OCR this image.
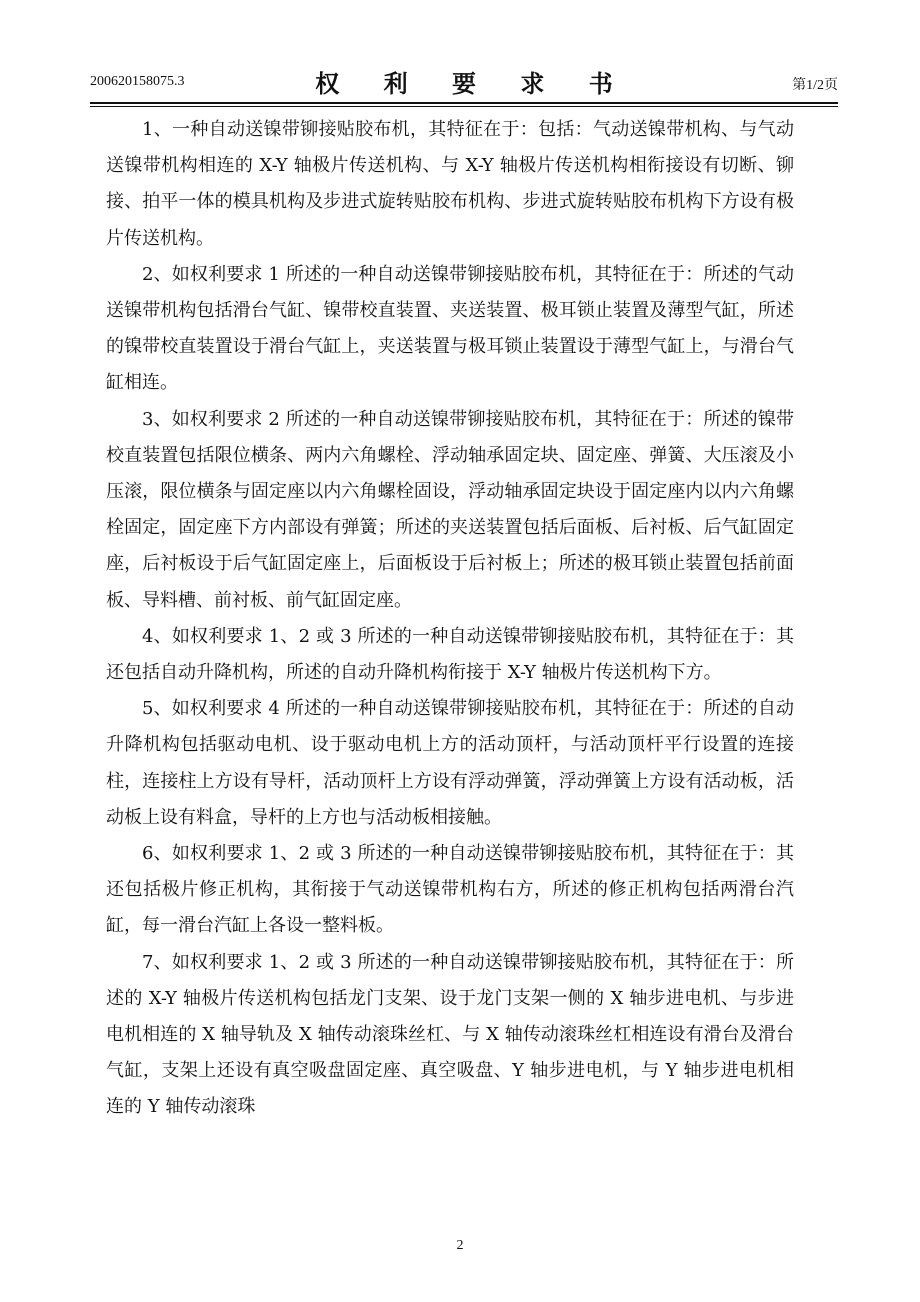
200620158075.3	权 利 要 求 书	第1/2页

1、一种自动送镍带铆接贴胶布机，其特征在于：包括：气动送镍带机构、与气动送镍带机构相连的 X-Y 轴极片传送机构、与 X-Y 轴极片传送机构相衔接设有切断、铆接、拍平一体的模具机构及步进式旋转贴胶布机构、步进式旋转贴胶布机构下方设有极片传送机构。

2、如权利要求 1 所述的一种自动送镍带铆接贴胶布机，其特征在于：所述的气动送镍带机构包括滑台气缸、镍带校直装置、夹送装置、极耳锁止装置及薄型气缸，所述的镍带校直装置设于滑台气缸上，夹送装置与极耳锁止装置设于薄型气缸上，与滑台气缸相连。

3、如权利要求 2 所述的一种自动送镍带铆接贴胶布机，其特征在于：所述的镍带校直装置包括限位横条、两内六角螺栓、浮动轴承固定块、固定座、弹簧、大压滚及小压滚，限位横条与固定座以内六角螺栓固设，浮动轴承固定块设于固定座内以内六角螺栓固定，固定座下方内部设有弹簧；所述的夹送装置包括后面板、后衬板、后气缸固定座，后衬板设于后气缸固定座上，后面板设于后衬板上；所述的极耳锁止装置包括前面板、导料槽、前衬板、前气缸固定座。

4、如权利要求 1、2 或 3 所述的一种自动送镍带铆接贴胶布机，其特征在于：其还包括自动升降机构，所述的自动升降机构衔接于 X-Y 轴极片传送机构下方。

5、如权利要求 4 所述的一种自动送镍带铆接贴胶布机，其特征在于：所述的自动升降机构包括驱动电机、设于驱动电机上方的活动顶杆，与活动顶杆平行设置的连接柱，连接柱上方设有导杆，活动顶杆上方设有浮动弹簧，浮动弹簧上方设有活动板，活动板上设有料盒，导杆的上方也与活动板相接触。

6、如权利要求 1、2 或 3 所述的一种自动送镍带铆接贴胶布机，其特征在于：其还包括极片修正机构，其衔接于气动送镍带机构右方，所述的修正机构包括两滑台汽缸，每一滑台汽缸上各设一整料板。

7、如权利要求 1、2 或 3 所述的一种自动送镍带铆接贴胶布机，其特征在于：所述的 X-Y 轴极片传送机构包括龙门支架、设于龙门支架一侧的 X 轴步进电机、与步进电机相连的 X 轴导轨及 X 轴传动滚珠丝杠、与 X 轴传动滚珠丝杠相连设有滑台及滑台气缸，支架上还设有真空吸盘固定座、真空吸盘、Y 轴步进电机，与 Y 轴步进电机相连的 Y 轴传动滚珠

2
